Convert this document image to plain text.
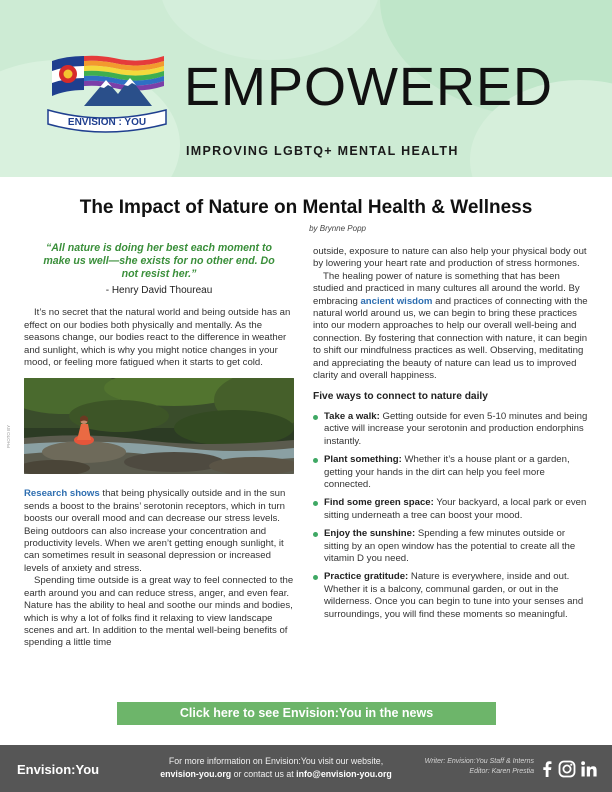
ENVISION : YOU
EMPOWERED
IMPROVING LGBTQ+ MENTAL HEALTH
The Impact of Nature on Mental Health & Wellness
by Brynne Popp

“All nature is doing her best each moment to make us well—she exists for no other end. Do not resist her.”

- Henry David Thoureau

It’s no secret that the natural world and being outside has an effect on our bodies both physically and mentally. As the seasons change, our bodies react to the difference in weather and sunlight, which is why you might notice changes in your mood, or feeling more fatigued when it starts to get cold.

Research shows that being physically outside and in the sun sends a boost to the brains’ serotonin receptors, which in turn boosts our overall mood and can decrease our stress levels. Being outdoors can also increase your concentration and productivity levels. When we aren’t getting enough sunlight, it can sometimes result in seasonal depression or increased levels of anxiety and stress.

Spending time outside is a great way to feel connected to the earth around you and can reduce stress, anger, and even fear. Nature has the ability to heal and soothe our minds and bodies, which is why a lot of folks find it relaxing to view landscape scenes and art. In addition to the mental well-being benefits of spending a little time

PHOTO BY

outside, exposure to nature can also help your physical body out by lowering your heart rate and production of stress hormones.

The healing power of nature is something that has been studied and practiced in many cultures all around the world. By embracing ancient wisdom and practices of connecting with the natural world around us, we can begin to bring these practices into our modern approaches to help our overall well-being and connection. By fostering that connection with nature, it can begin to shift our mindfulness practices as well. Observing, meditating and appreciating the beauty of nature can lead us to improved clarity and overall happiness.

Five ways to connect to nature daily
Take a walk: Getting outside for even 5-10 minutes and being active will increase your serotonin and production endorphins instantly.
Plant something: Whether it’s a house plant or a garden, getting your hands in the dirt can help you feel more connected.
Find some green space: Your backyard, a local park or even sitting underneath a tree can boost your mood.
Enjoy the sunshine: Spending a few minutes outside or sitting by an open window has the potential to create all the vitamin D you need.
Practice gratitude: Nature is everywhere, inside and out. Whether it is a balcony, communal garden, or out in the wilderness. Once you can begin to tune into your senses and surroundings, you will find these moments so meaningful.
Click here to see Envision:You in the news
Envision:You
For more information on Envision:You visit our website,
envision-you.org or contact us at info@envision-you.org
Writer: Envision:You Staff & Interns
Editor: Karen Prestia
